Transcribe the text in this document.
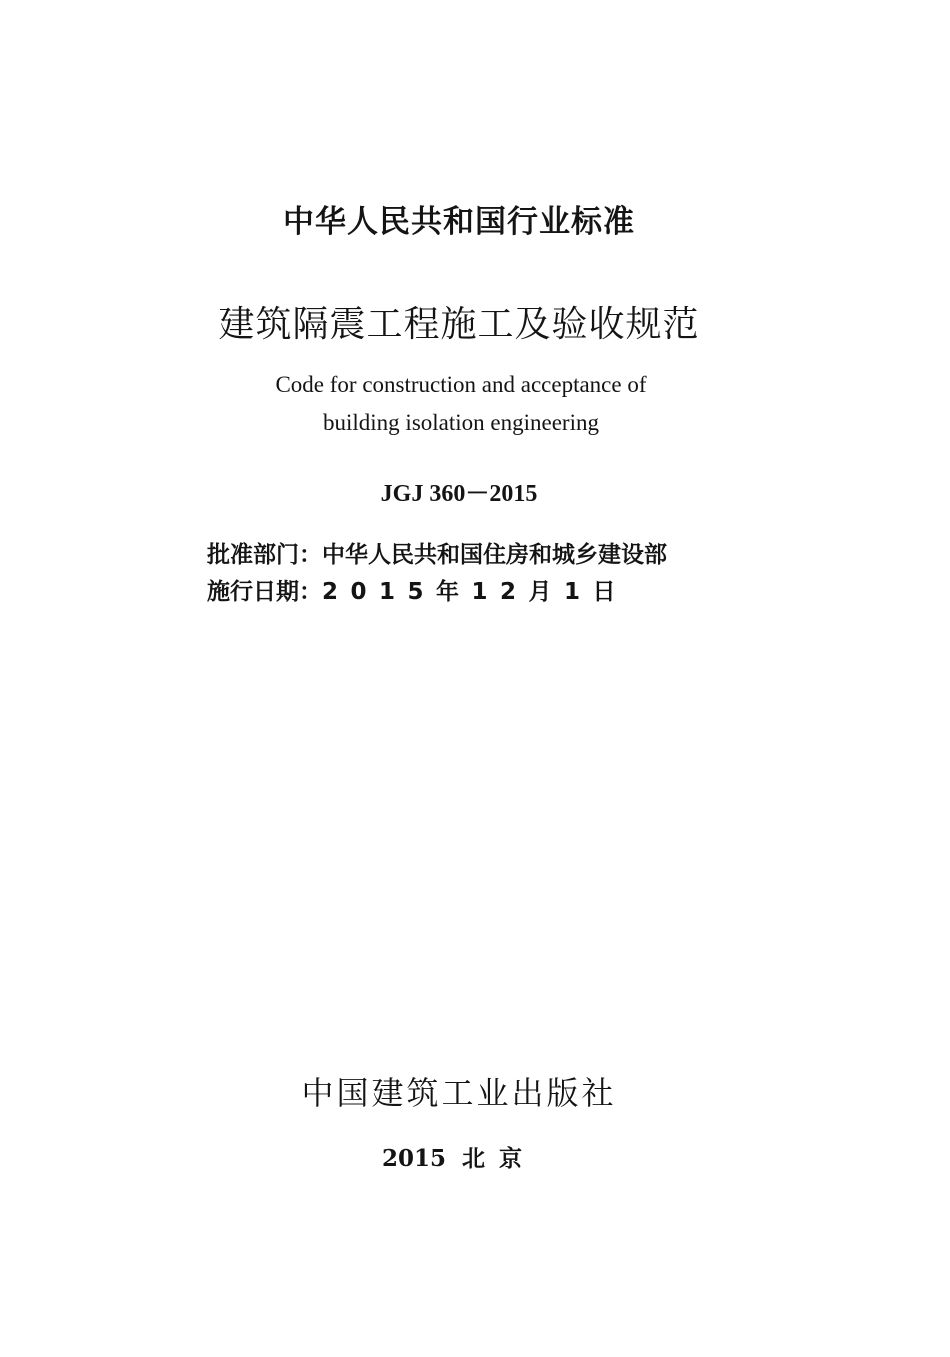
中华人民共和国行业标准
建筑隔震工程施工及验收规范
Code for construction and acceptance of
building isolation engineering
JGJ 360－2015
批准部门：中华人民共和国住房和城乡建设部
施行日期：2015年12月1日
中国建筑工业出版社
2015 北京
